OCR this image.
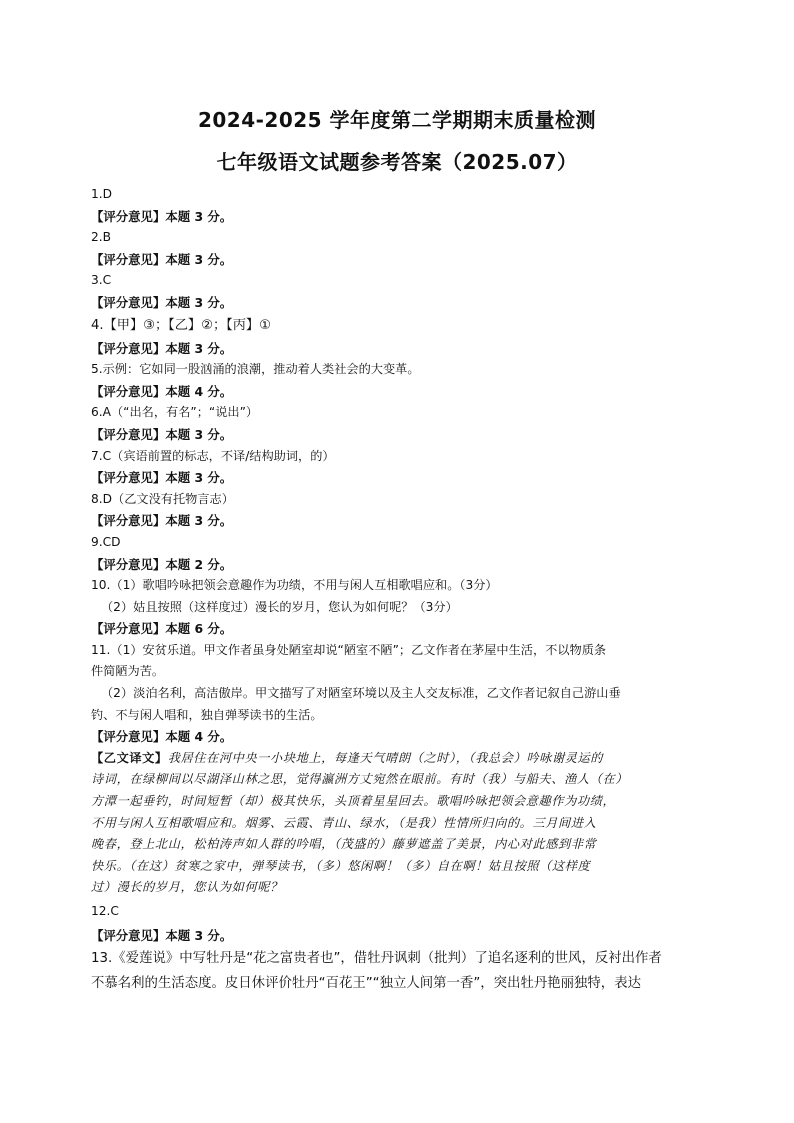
2024-2025 学年度第二学期期末质量检测
七年级语文试题参考答案（2025.07）
1.D
【评分意见】本题 3 分。
2.B
【评分意见】本题 3 分。
3.C
【评分意见】本题 3 分。
4.【甲】③；【乙】②；【丙】①
【评分意见】本题 3 分。
5.示例：它如同一股汹涌的浪潮，推动着人类社会的大变革。
【评分意见】本题 4 分。
6.A（“出名，有名”；“说出”）
【评分意见】本题 3 分。
7.C（宾语前置的标志，不译/结构助词，的）
【评分意见】本题 3 分。
8.D（乙文没有托物言志）
【评分意见】本题 3 分。
9.CD
【评分意见】本题 2 分。
10.（1）歌唱吟咏把领会意趣作为功绩，不用与闲人互相歌唱应和。（3分）
（2）姑且按照（这样度过）漫长的岁月，您认为如何呢？（3分）
【评分意见】本题 6 分。
11.（1）安贫乐道。甲文作者虽身处陋室却说“陋室不陋”；乙文作者在茅屋中生活，不以物质条
件简陋为苦。
（2）淡泊名利，高洁傲岸。甲文描写了对陋室环境以及主人交友标准，乙文作者记叙自己游山垂
钓、不与闲人唱和，独自弹琴读书的生活。
【评分意见】本题 4 分。
【乙文译文】我居住在河中央一小块地上，每逢天气晴朗（之时），（我总会）吟咏谢灵运的
诗词，在绿柳间以尽湖泽山林之思，觉得瀛洲方丈宛然在眼前。有时（我）与船夫、渔人（在）
方潭一起垂钓，时间短暂（却）极其快乐，头顶着星星回去。歌唱吟咏把领会意趣作为功绩，
不用与闲人互相歌唱应和。烟雾、云霞、青山、绿水，（是我）性情所归向的。三月间进入
晚春，登上北山，松柏涛声如人群的吟唱，（茂盛的）藤萝遮盖了美景，内心对此感到非常
快乐。（在这）贫寒之家中，弹琴读书，（多）悠闲啊！（多）自在啊！姑且按照（这样度
过）漫长的岁月，您认为如何呢？
12.C
【评分意见】本题 3 分。
13.《爱莲说》中写牡丹是“花之富贵者也”，借牡丹讽刺（批判）了追名逐利的世风，反衬出作者
不慕名利的生活态度。皮日休评价牡丹“百花王”“独立人间第一香”，突出牡丹艳丽独特，表达
